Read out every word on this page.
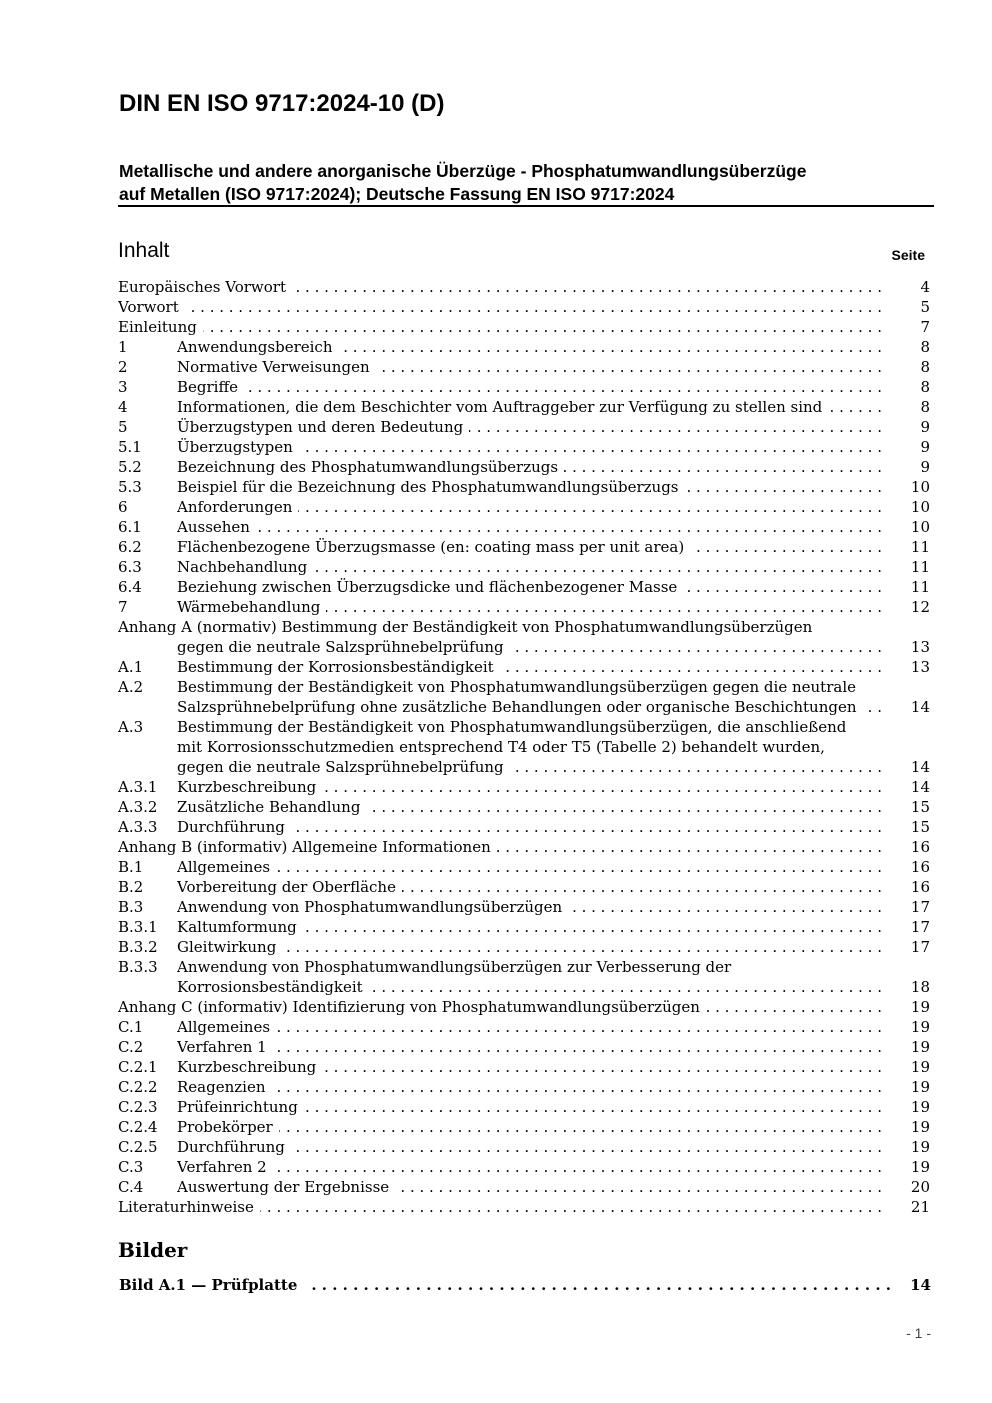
DIN EN ISO 9717:2024-10 (D)
Metallische und andere anorganische Überzüge - Phosphatumwandlungsüberzüge
auf Metallen (ISO 9717:2024); Deutsche Fassung EN ISO 9717:2024
Inhalt	Seite
Europäisches Vorwort . . .	4
Vorwort . . .	5
Einleitung . . .	7
1	Anwendungsbereich . . .	8
2	Normative Verweisungen . . .	8
3	Begriffe . . .	8
4	Informationen, die dem Beschichter vom Auftraggeber zur Verfügung zu stellen sind . . .	8
5	Überzugstypen und deren Bedeutung . . .	9
5.1 Überzugstypen . . .	9
5.2 Bezeichnung des Phosphatumwandlungsüberzugs . . .	9
5.3 Beispiel für die Bezeichnung des Phosphatumwandlungsüberzugs . . .	10
6	Anforderungen . . .	10
6.1 Aussehen . . .	10
6.2 Flächenbezogene Überzugsmasse (en: coating mass per unit area) . . .	11
6.3 Nachbehandlung . . .	11
6.4 Beziehung zwischen Überzugsdicke und flächenbezogener Masse . . .	11
7	Wärmebehandlung . . .	12
Anhang A (normativ) Bestimmung der Beständigkeit von Phosphatumwandlungsüberzügen
gegen die neutrale Salzsprühnebelprüfung . . .	13
A.1 Bestimmung der Korrosionsbeständigkeit . . .	13
A.2 Bestimmung der Beständigkeit von Phosphatumwandlungsüberzügen gegen die neutrale
Salzsprühnebelprüfung ohne zusätzliche Behandlungen oder organische Beschichtungen . . .	14
A.3 Bestimmung der Beständigkeit von Phosphatumwandlungsüberzügen, die anschließend
mit Korrosionsschutzmedien entsprechend T4 oder T5 (Tabelle 2) behandelt wurden,
gegen die neutrale Salzsprühnebelprüfung . . .	14
A.3.1 Kurzbeschreibung . . .	14
A.3.2 Zusätzliche Behandlung . . .	15
A.3.3 Durchführung . . .	15
Anhang B (informativ) Allgemeine Informationen . . .	16
B.1 Allgemeines . . .	16
B.2 Vorbereitung der Oberfläche . . .	16
B.3 Anwendung von Phosphatumwandlungsüberzügen . . .	17
B.3.1 Kaltumformung . . .	17
B.3.2 Gleitwirkung . . .	17
B.3.3 Anwendung von Phosphatumwandlungsüberzügen zur Verbesserung der
Korrosionsbeständigkeit . . .	18
Anhang C (informativ) Identifizierung von Phosphatumwandlungsüberzügen . . .	19
C.1 Allgemeines . . .	19
C.2 Verfahren 1 . . .	19
C.2.1 Kurzbeschreibung . . .	19
C.2.2 Reagenzien . . .	19
C.2.3 Prüfeinrichtung . . .	19
C.2.4 Probekörper . . .	19
C.2.5 Durchführung . . .	19
C.3 Verfahren 2 . . .	19
C.4 Auswertung der Ergebnisse . . .	20
Literaturhinweise . . .	21
Bilder
Bild A.1 — Prüfplatte . . .	14
- 1 -
